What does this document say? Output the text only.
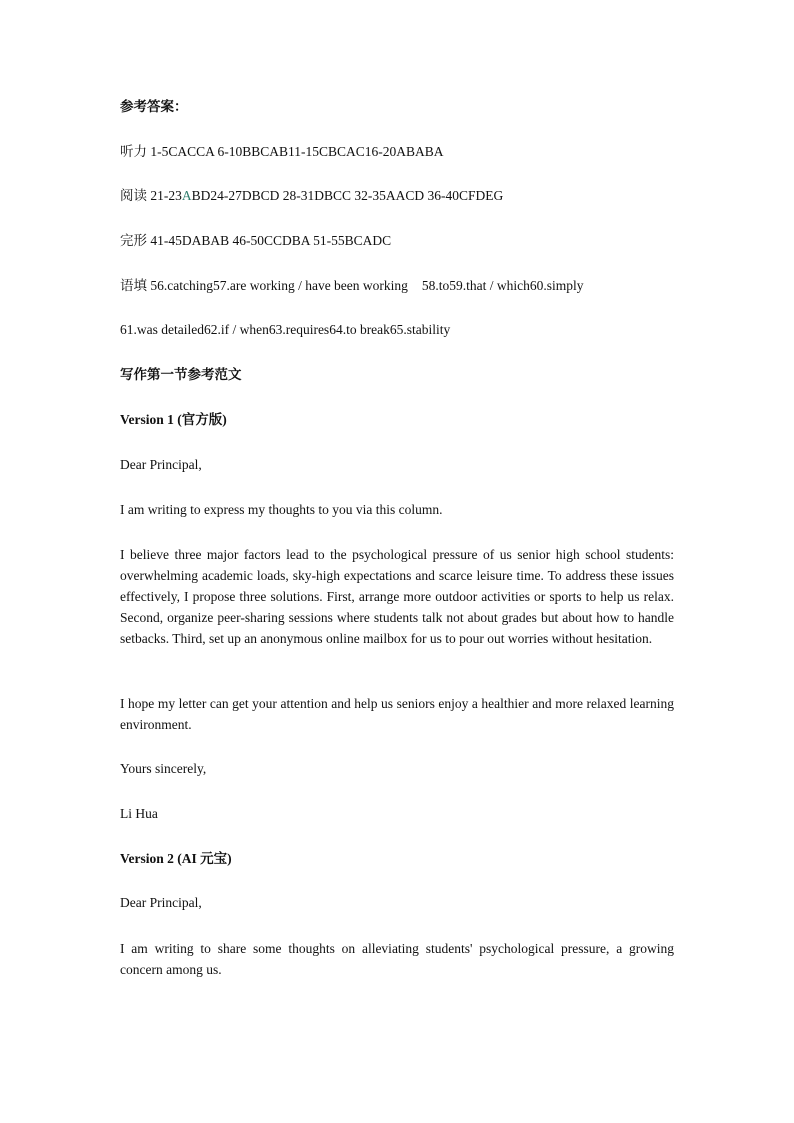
参考答案：
听力 1-5CACCA 6-10BBCAB11-15CBCAC16-20ABABA
阅读 21-23ABD24-27DBCD 28-31DBCC 32-35AACD 36-40CFDEG
完形 41-45DABAB 46-50CCDBA 51-55BCADC
语填 56.catching57.are working / have been working 58.to59.that / which60.simply
61.was detailed62.if / when63.requires64.to break65.stability
写作第一节参考范文
Version 1 (官方版)
Dear Principal,
I am writing to express my thoughts to you via this column.
I believe three major factors lead to the psychological pressure of us senior high school students: overwhelming academic loads, sky-high expectations and scarce leisure time. To address these issues effectively, I propose three solutions. First, arrange more outdoor activities or sports to help us relax. Second, organize peer-sharing sessions where students talk not about grades but about how to handle setbacks. Third, set up an anonymous online mailbox for us to pour out worries without hesitation.
I hope my letter can get your attention and help us seniors enjoy a healthier and more relaxed learning environment.
Yours sincerely,
Li Hua
Version 2 (AI 元宝)
Dear Principal,
I am writing to share some thoughts on alleviating students' psychological pressure, a growing concern among us.
